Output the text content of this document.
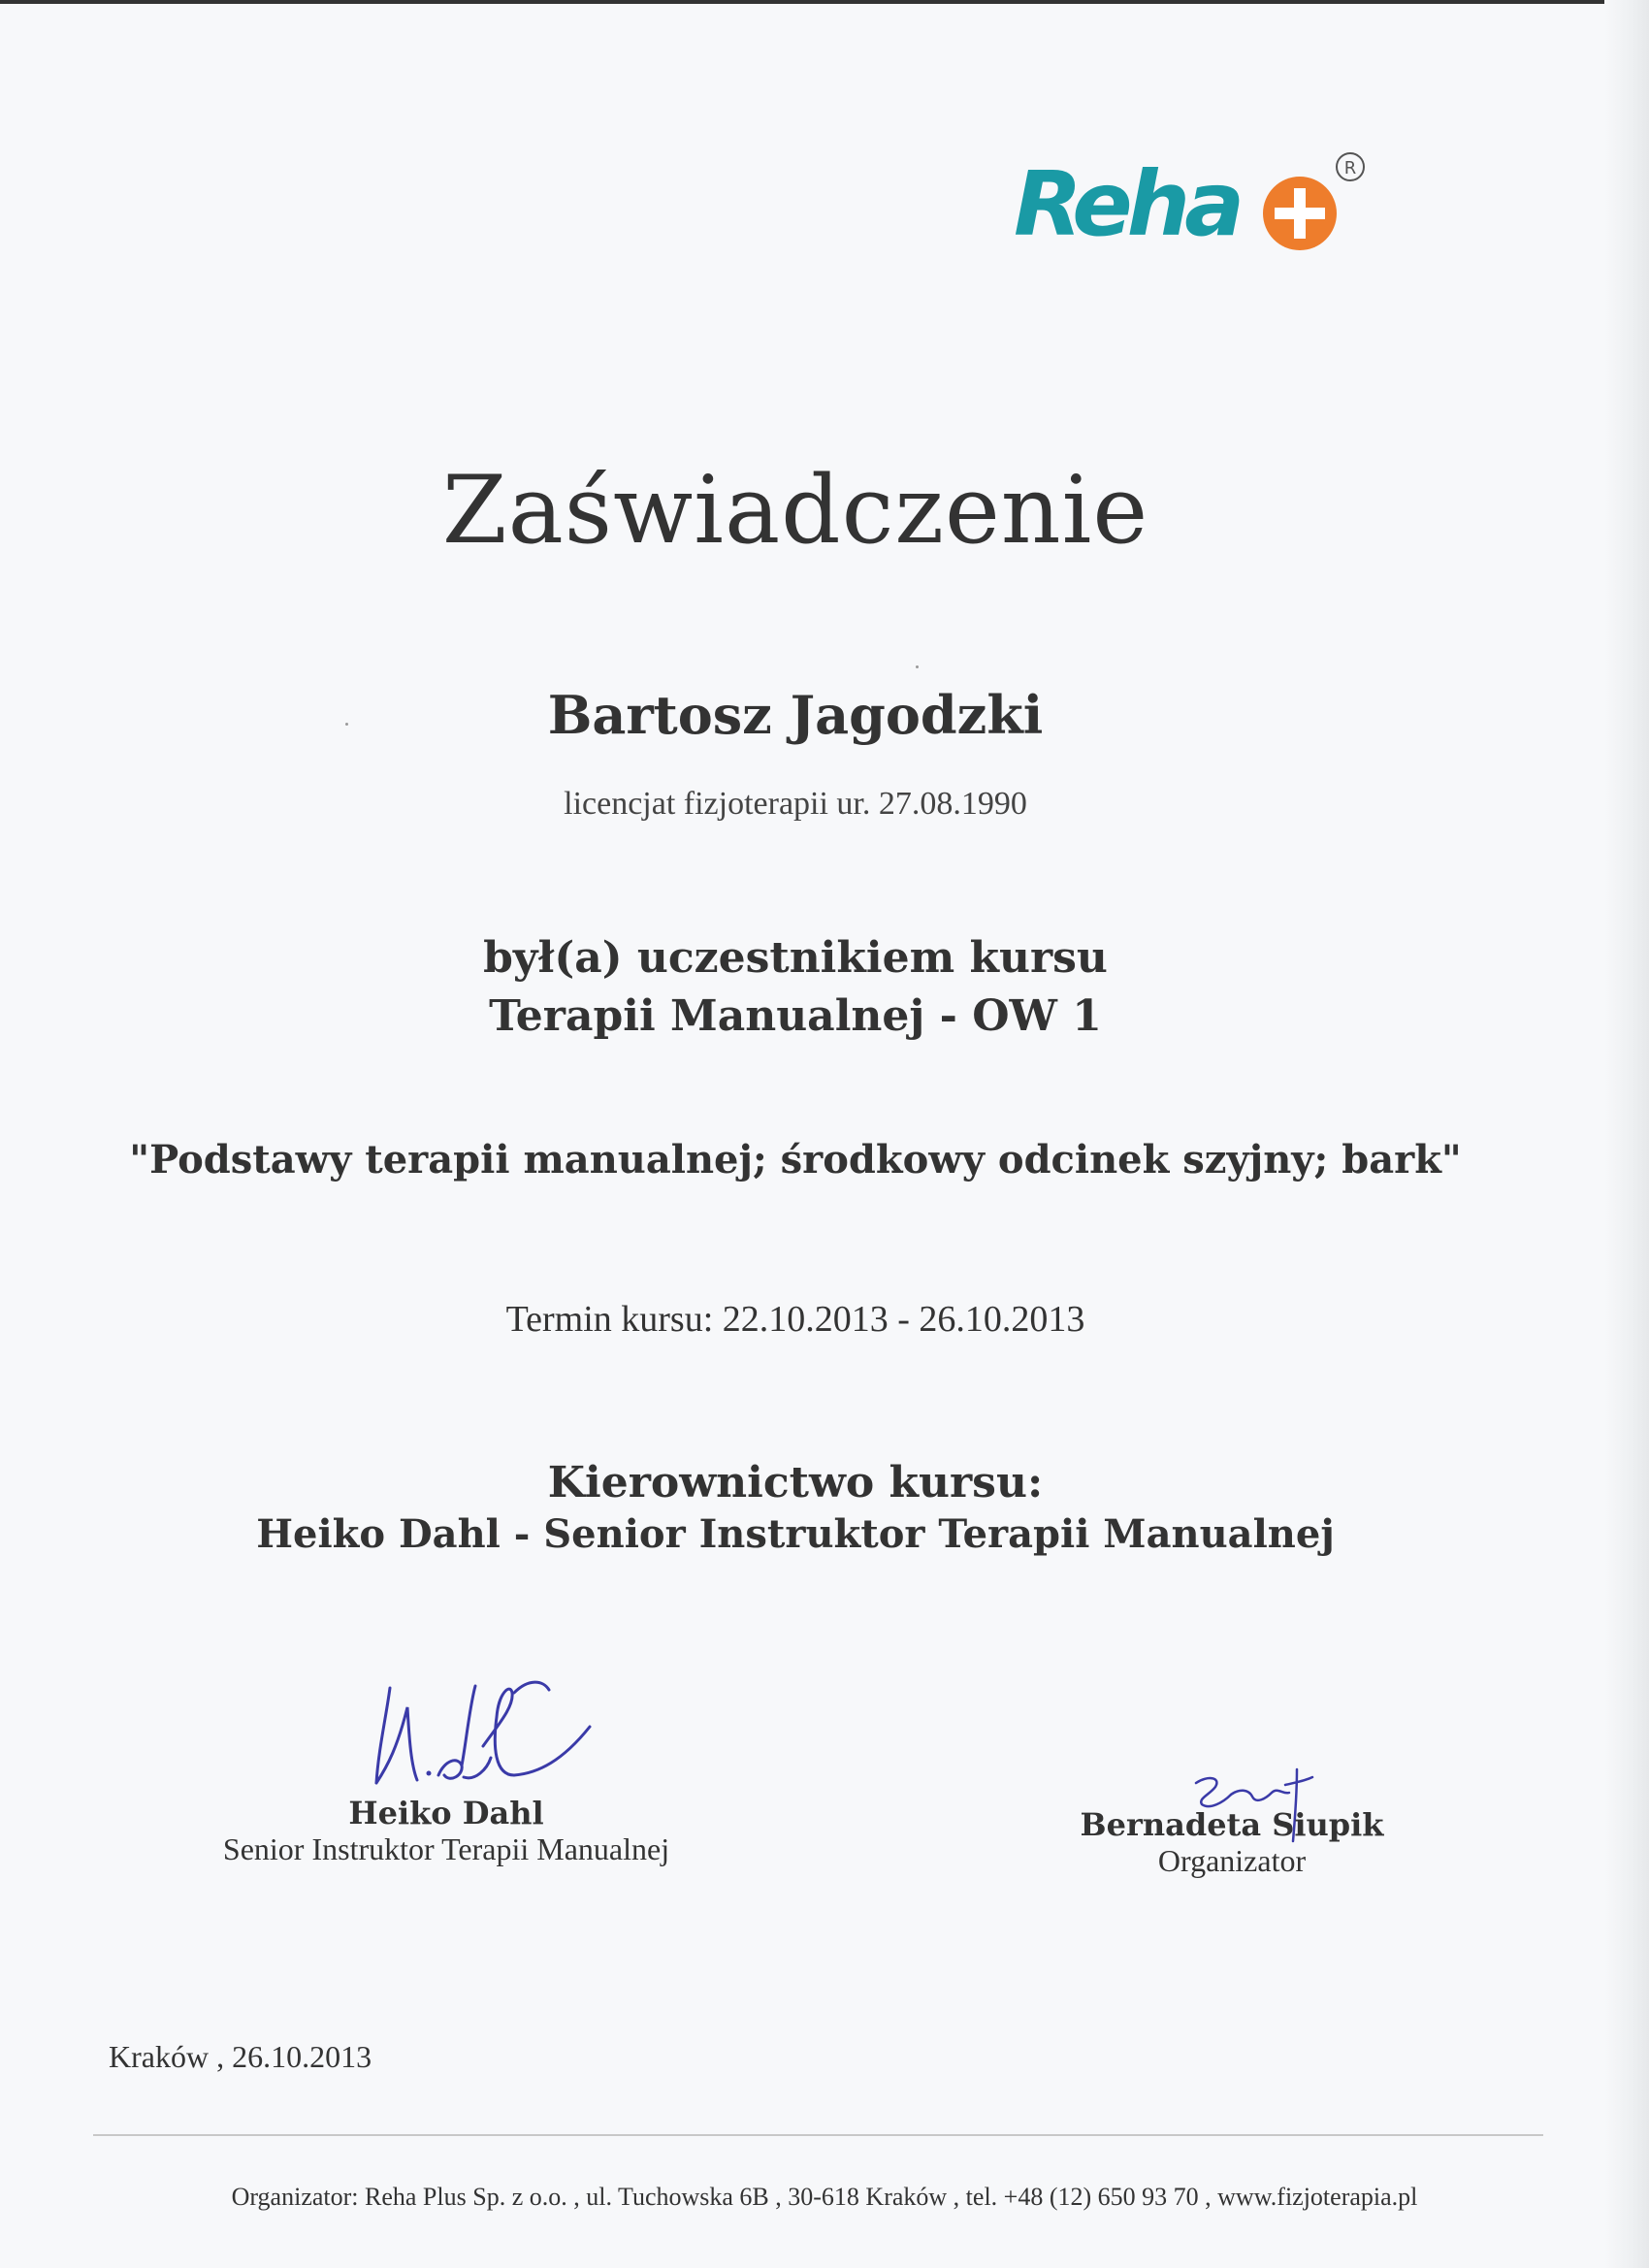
Reha	R
Zaświadczenie
Bartosz Jagodzki
licencjat fizjoterapii ur. 27.08.1990
był(a) uczestnikiem kursu
Terapii Manualnej - OW 1
"Podstawy terapii manualnej; środkowy odcinek szyjny; bark"
Termin kursu: 22.10.2013 - 26.10.2013
Kierownictwo kursu:
Heiko Dahl - Senior Instruktor Terapii Manualnej
Heiko Dahl
Senior Instruktor Terapii Manualnej
Bernadeta Siupik
Organizator
Kraków , 26.10.2013
Organizator: Reha Plus Sp. z o.o. , ul. Tuchowska 6B , 30-618 Kraków , tel. +48 (12) 650 93 70 , www.fizjoterapia.pl
